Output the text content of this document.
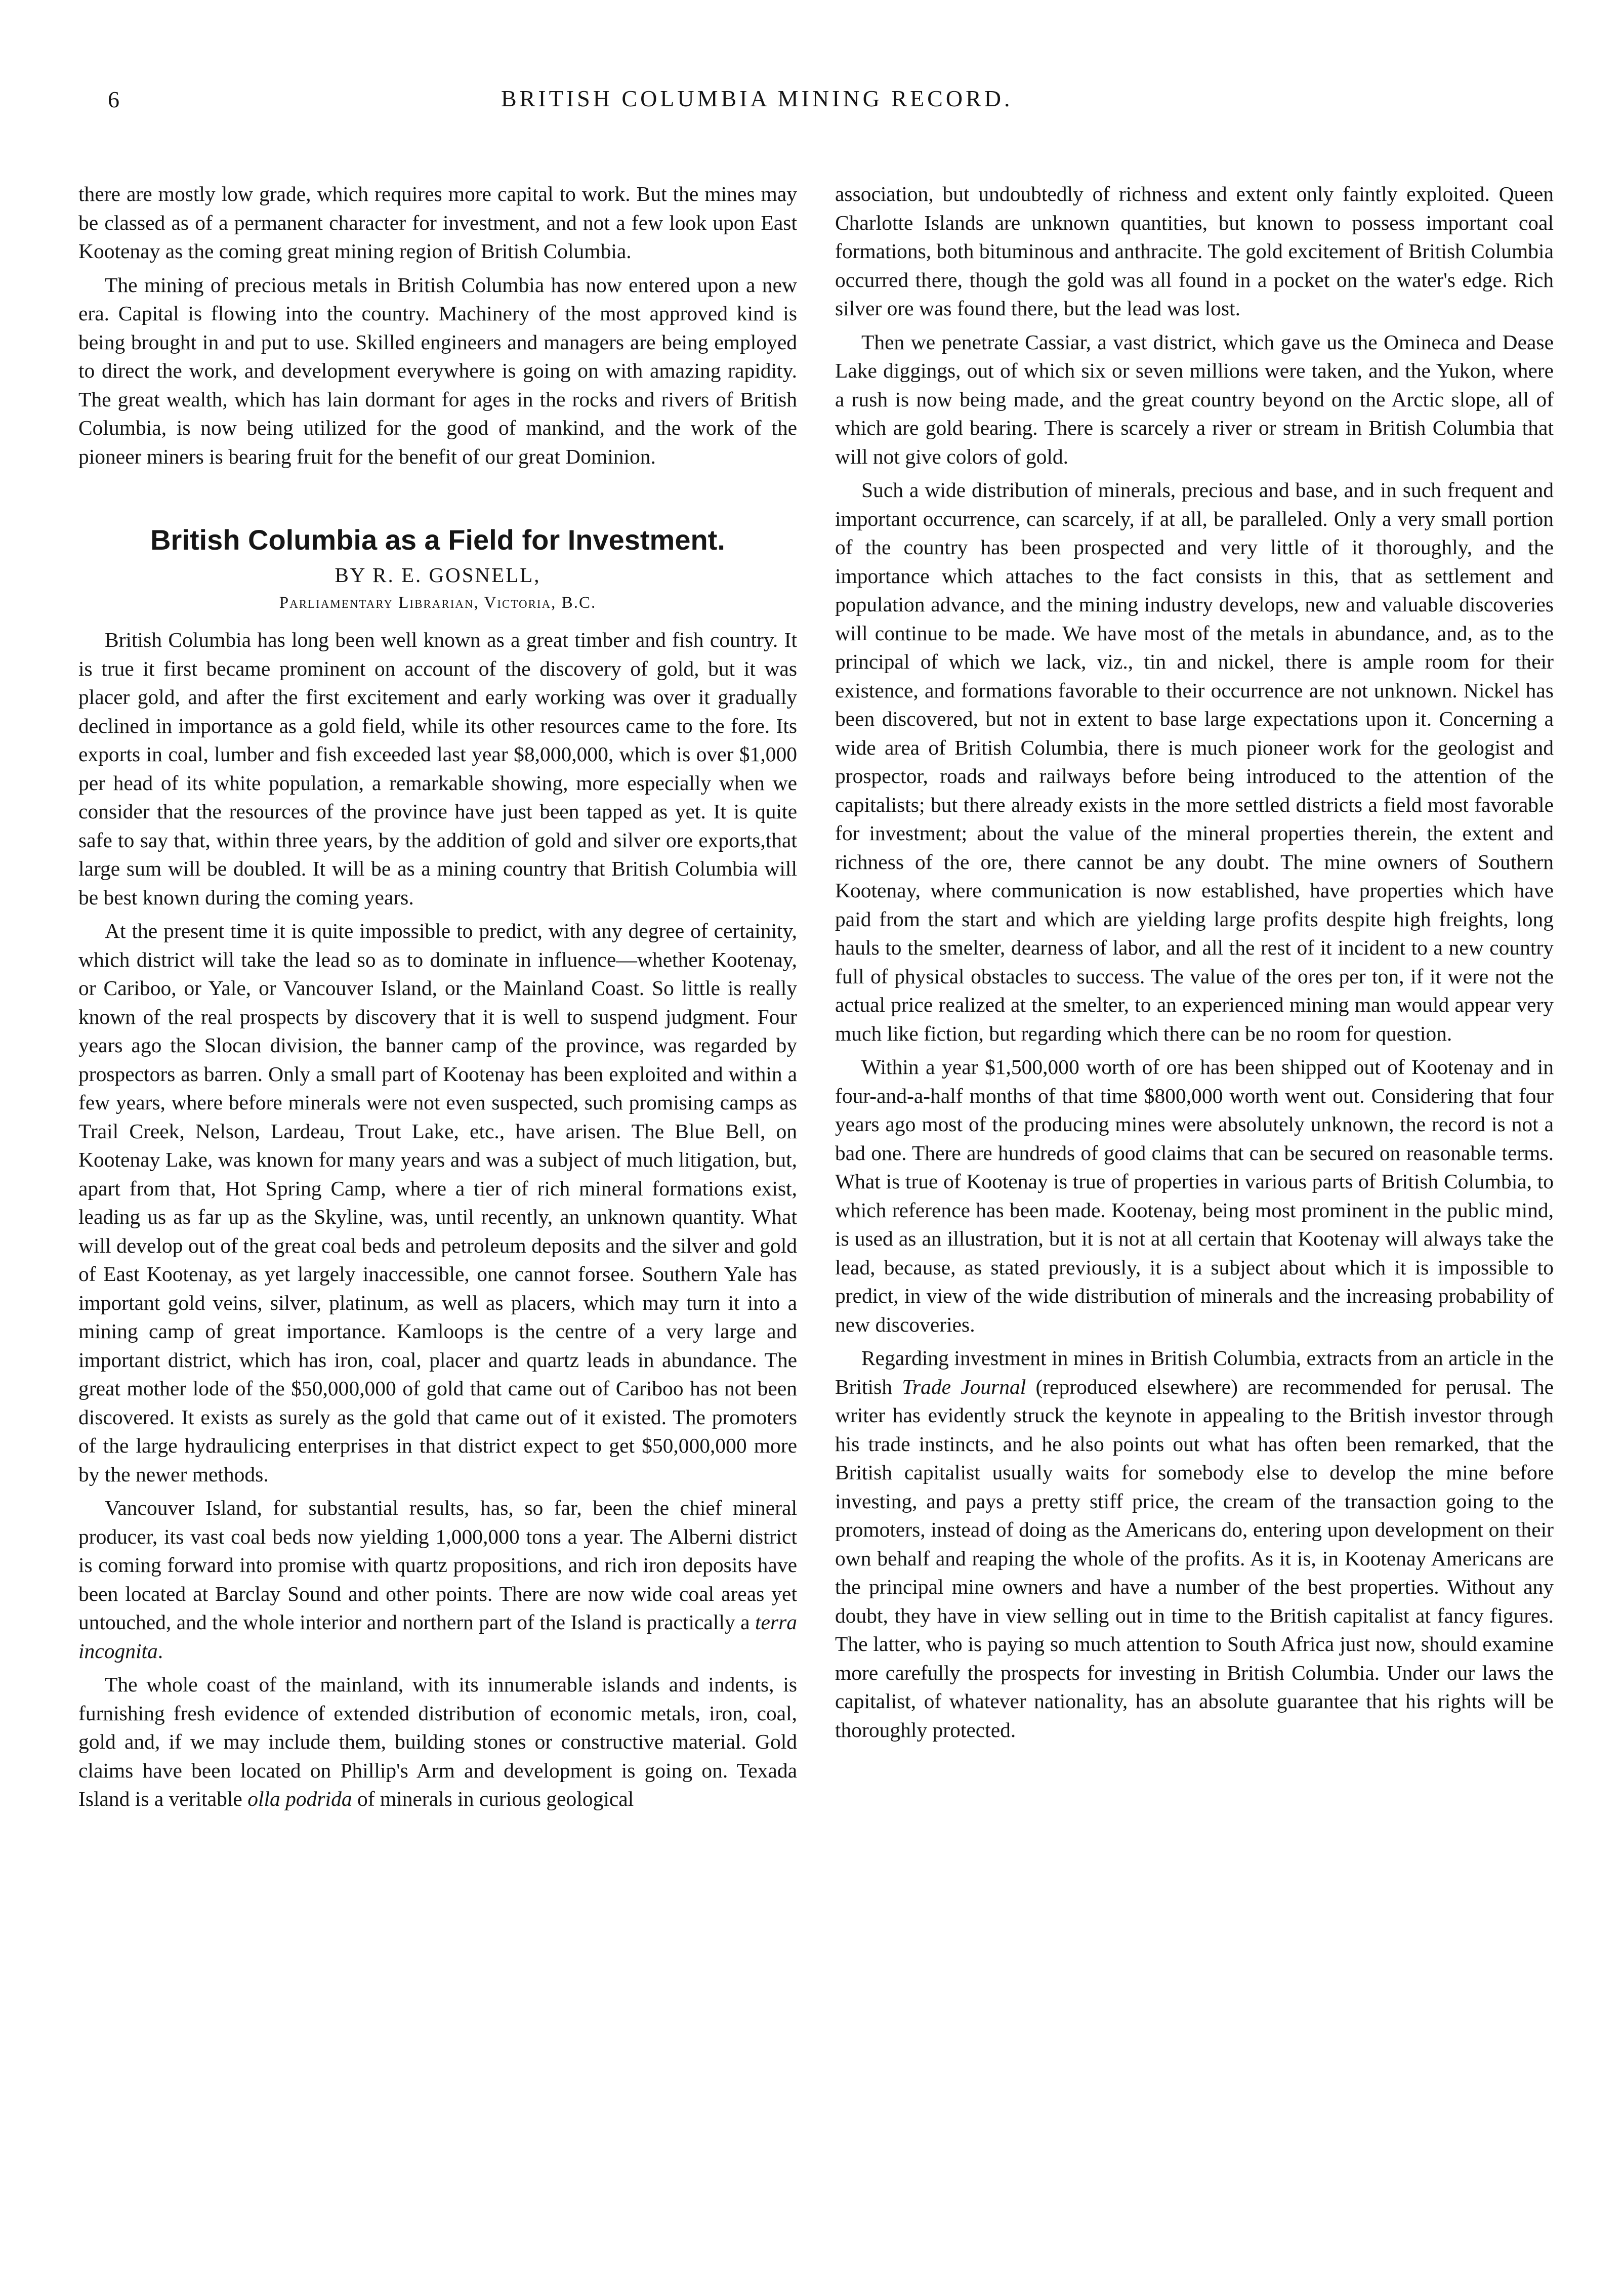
6	BRITISH COLUMBIA MINING RECORD.

there are mostly low grade, which requires more capital to work. But the mines may be classed as of a permanent character for investment, and not a few look upon East Kootenay as the coming great mining region of British Columbia.

The mining of precious metals in British Columbia has now entered upon a new era. Capital is flowing into the country. Machinery of the most approved kind is being brought in and put to use. Skilled engineers and managers are being employed to direct the work, and development everywhere is going on with amazing rapidity. The great wealth, which has lain dormant for ages in the rocks and rivers of British Columbia, is now being utilized for the good of mankind, and the work of the pioneer miners is bearing fruit for the benefit of our great Dominion.

British Columbia as a Field for Investment.
BY R. E. GOSNELL,
Parliamentary Librarian, Victoria, B.C.

British Columbia has long been well known as a great timber and fish country. It is true it first became prominent on account of the discovery of gold, but it was placer gold, and after the first excitement and early working was over it gradually declined in importance as a gold field, while its other resources came to the fore. Its exports in coal, lumber and fish exceeded last year $8,000,000, which is over $1,000 per head of its white population, a remarkable showing, more especially when we consider that the resources of the province have just been tapped as yet. It is quite safe to say that, within three years, by the addition of gold and silver ore exports,that large sum will be doubled. It will be as a mining country that British Columbia will be best known during the coming years.

At the present time it is quite impossible to predict, with any degree of certainity, which district will take the lead so as to dominate in influence—whether Kootenay, or Cariboo, or Yale, or Vancouver Island, or the Mainland Coast. So little is really known of the real prospects by discovery that it is well to suspend judgment. Four years ago the Slocan division, the banner camp of the province, was regarded by prospectors as barren. Only a small part of Kootenay has been exploited and within a few years, where before minerals were not even suspected, such promising camps as Trail Creek, Nelson, Lardeau, Trout Lake, etc., have arisen. The Blue Bell, on Kootenay Lake, was known for many years and was a subject of much litigation, but, apart from that, Hot Spring Camp, where a tier of rich mineral formations exist, leading us as far up as the Skyline, was, until recently, an unknown quantity. What will develop out of the great coal beds and petroleum deposits and the silver and gold of East Kootenay, as yet largely inaccessible, one cannot forsee. Southern Yale has important gold veins, silver, platinum, as well as placers, which may turn it into a mining camp of great importance. Kamloops is the centre of a very large and important district, which has iron, coal, placer and quartz leads in abundance. The great mother lode of the $50,000,000 of gold that came out of Cariboo has not been discovered. It exists as surely as the gold that came out of it existed. The promoters of the large hydraulicing enterprises in that district expect to get $50,000,000 more by the newer methods.

Vancouver Island, for substantial results, has, so far, been the chief mineral producer, its vast coal beds now yielding 1,000,000 tons a year. The Alberni district is coming forward into promise with quartz propositions, and rich iron deposits have been located at Barclay Sound and other points. There are now wide coal areas yet untouched, and the whole interior and northern part of the Island is practically a terra incognita.

The whole coast of the mainland, with its innumerable islands and indents, is furnishing fresh evidence of extended distribution of economic metals, iron, coal, gold and, if we may include them, building stones or constructive material. Gold claims have been located on Phillip's Arm and development is going on. Texada Island is a veritable olla podrida of minerals in curious geological

association, but undoubtedly of richness and extent only faintly exploited. Queen Charlotte Islands are unknown quantities, but known to possess important coal formations, both bituminous and anthracite. The gold excitement of British Columbia occurred there, though the gold was all found in a pocket on the water's edge. Rich silver ore was found there, but the lead was lost.

Then we penetrate Cassiar, a vast district, which gave us the Omineca and Dease Lake diggings, out of which six or seven millions were taken, and the Yukon, where a rush is now being made, and the great country beyond on the Arctic slope, all of which are gold bearing. There is scarcely a river or stream in British Columbia that will not give colors of gold.

Such a wide distribution of minerals, precious and base, and in such frequent and important occurrence, can scarcely, if at all, be paralleled. Only a very small portion of the country has been prospected and very little of it thoroughly, and the importance which attaches to the fact consists in this, that as settlement and population advance, and the mining industry develops, new and valuable discoveries will continue to be made. We have most of the metals in abundance, and, as to the principal of which we lack, viz., tin and nickel, there is ample room for their existence, and formations favorable to their occurrence are not unknown. Nickel has been discovered, but not in extent to base large expectations upon it. Concerning a wide area of British Columbia, there is much pioneer work for the geologist and prospector, roads and railways before being introduced to the attention of the capitalists; but there already exists in the more settled districts a field most favorable for investment; about the value of the mineral properties therein, the extent and richness of the ore, there cannot be any doubt. The mine owners of Southern Kootenay, where communication is now established, have properties which have paid from the start and which are yielding large profits despite high freights, long hauls to the smelter, dearness of labor, and all the rest of it incident to a new country full of physical obstacles to success. The value of the ores per ton, if it were not the actual price realized at the smelter, to an experienced mining man would appear very much like fiction, but regarding which there can be no room for question.

Within a year $1,500,000 worth of ore has been shipped out of Kootenay and in four-and-a-half months of that time $800,000 worth went out. Considering that four years ago most of the producing mines were absolutely unknown, the record is not a bad one. There are hundreds of good claims that can be secured on reasonable terms. What is true of Kootenay is true of properties in various parts of British Columbia, to which reference has been made. Kootenay, being most prominent in the public mind, is used as an illustration, but it is not at all certain that Kootenay will always take the lead, because, as stated previously, it is a subject about which it is impossible to predict, in view of the wide distribution of minerals and the increasing probability of new discoveries.

Regarding investment in mines in British Columbia, extracts from an article in the British Trade Journal (reproduced elsewhere) are recommended for perusal. The writer has evidently struck the keynote in appealing to the British investor through his trade instincts, and he also points out what has often been remarked, that the British capitalist usually waits for somebody else to develop the mine before investing, and pays a pretty stiff price, the cream of the transaction going to the promoters, instead of doing as the Americans do, entering upon development on their own behalf and reaping the whole of the profits. As it is, in Kootenay Americans are the principal mine owners and have a number of the best properties. Without any doubt, they have in view selling out in time to the British capitalist at fancy figures. The latter, who is paying so much attention to South Africa just now, should examine more carefully the prospects for investing in British Columbia. Under our laws the capitalist, of whatever nationality, has an absolute guarantee that his rights will be thoroughly protected.
